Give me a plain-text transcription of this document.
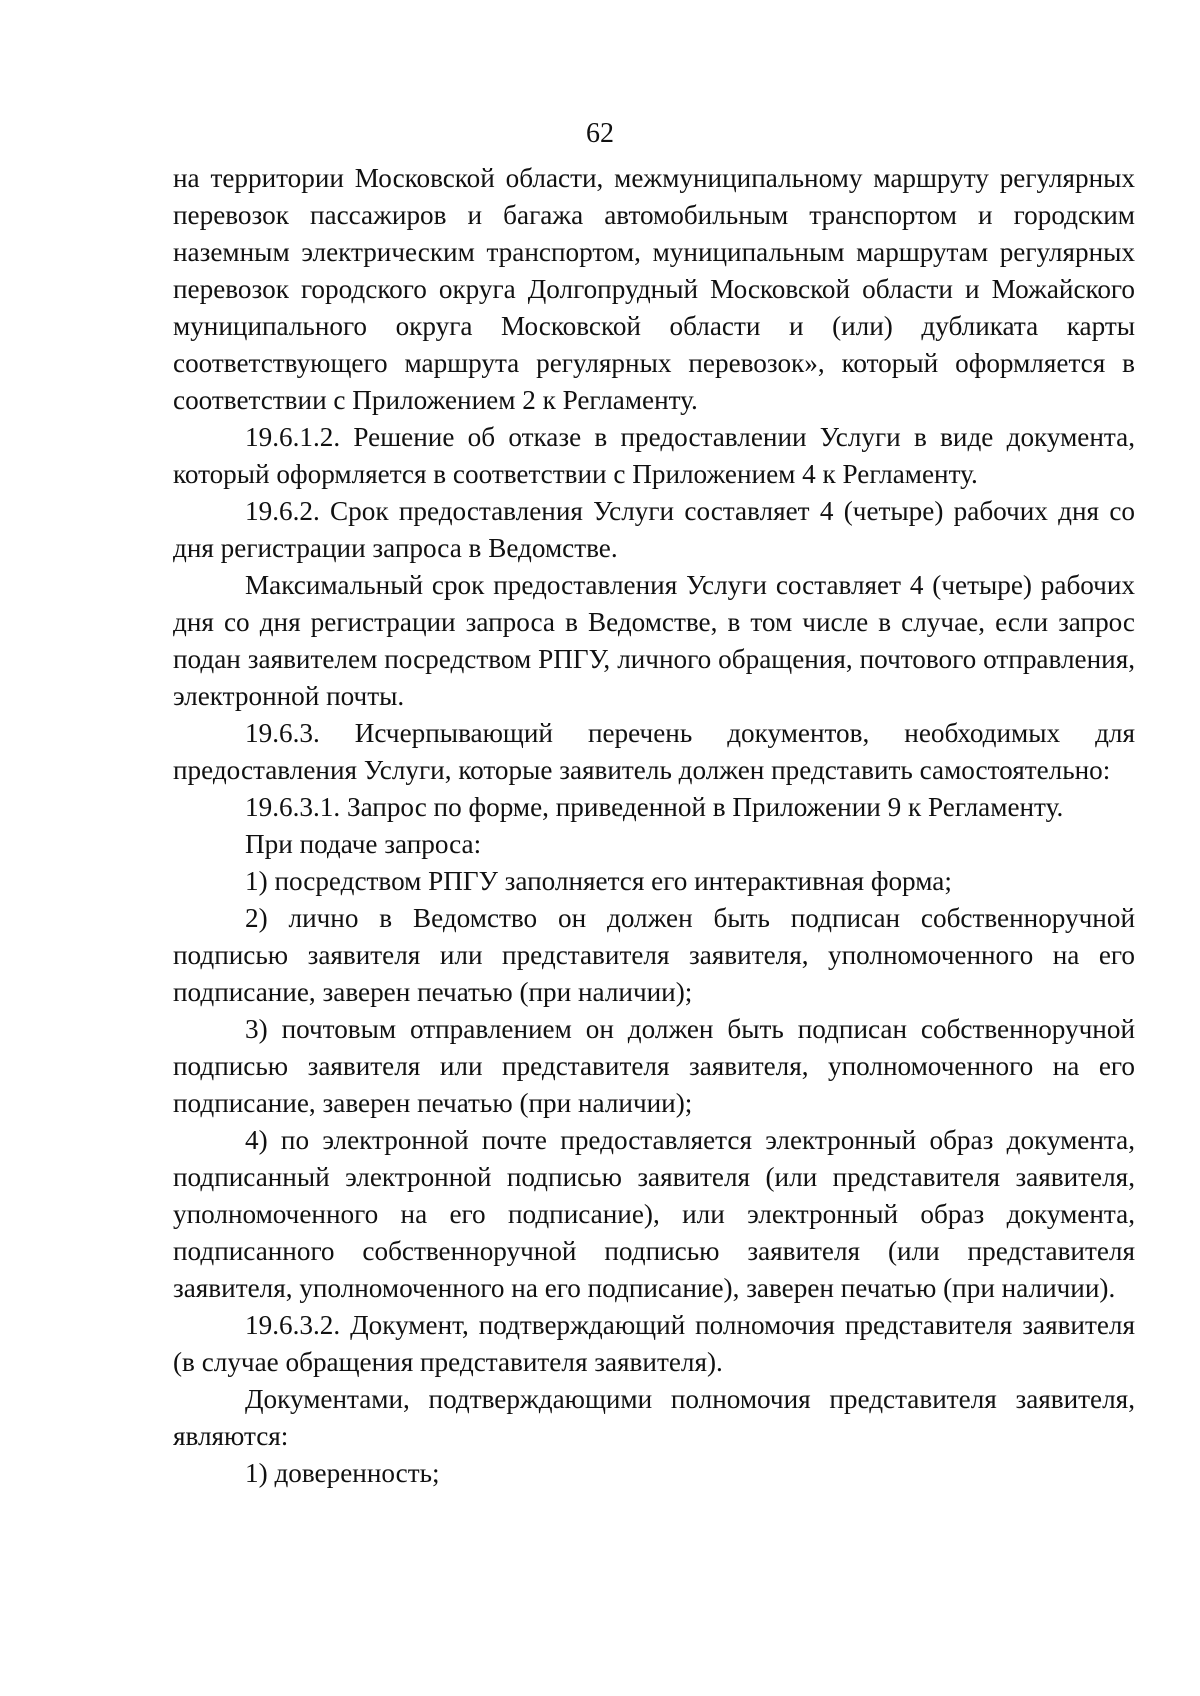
62

на территории Московской области, межмуниципальному маршруту регулярных перевозок пассажиров и багажа автомобильным транспортом и городским наземным электрическим транспортом, муниципальным маршрутам регулярных перевозок городского округа Долгопрудный Московской области и Можайского муниципального округа Московской области и (или) дубликата карты соответствующего маршрута регулярных перевозок», который оформляется в соответствии с Приложением 2 к Регламенту.

19.6.1.2. Решение об отказе в предоставлении Услуги в виде документа, который оформляется в соответствии с Приложением 4 к Регламенту.

19.6.2. Срок предоставления Услуги составляет 4 (четыре) рабочих дня со дня регистрации запроса в Ведомстве.

Максимальный срок предоставления Услуги составляет 4 (четыре) рабочих дня со дня регистрации запроса в Ведомстве, в том числе в случае, если запрос подан заявителем посредством РПГУ, личного обращения, почтового отправления, электронной почты.

19.6.3. Исчерпывающий перечень документов, необходимых для предоставления Услуги, которые заявитель должен представить самостоятельно:

19.6.3.1. Запрос по форме, приведенной в Приложении 9 к Регламенту.

При подаче запроса:

1) посредством РПГУ заполняется его интерактивная форма;

2) лично в Ведомство он должен быть подписан собственноручной подписью заявителя или представителя заявителя, уполномоченного на его подписание, заверен печатью (при наличии);

3) почтовым отправлением он должен быть подписан собственноручной подписью заявителя или представителя заявителя, уполномоченного на его подписание, заверен печатью (при наличии);

4) по электронной почте предоставляется электронный образ документа, подписанный электронной подписью заявителя (или представителя заявителя, уполномоченного на его подписание), или электронный образ документа, подписанного собственноручной подписью заявителя (или представителя заявителя, уполномоченного на его подписание), заверен печатью (при наличии).

19.6.3.2. Документ, подтверждающий полномочия представителя заявителя (в случае обращения представителя заявителя).

Документами, подтверждающими полномочия представителя заявителя, являются:

1) доверенность;
